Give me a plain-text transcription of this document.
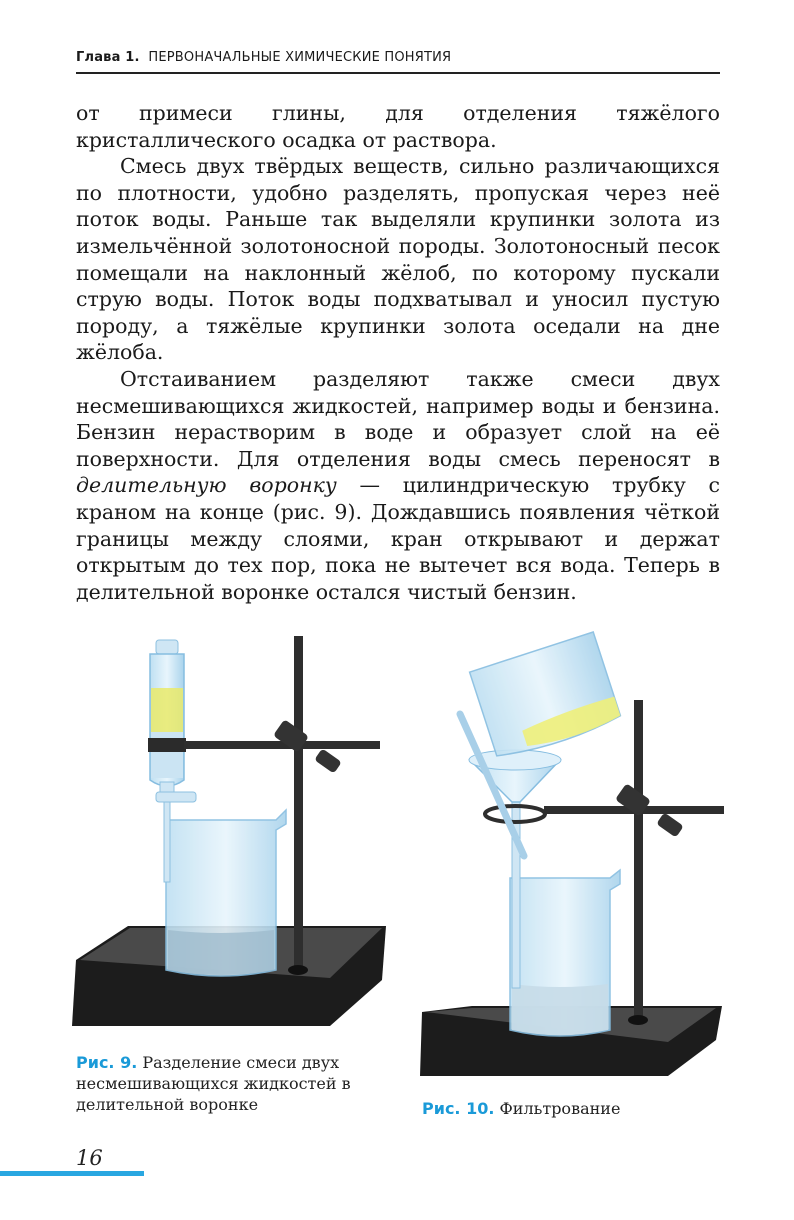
Глава 1. ПЕРВОНАЧАЛЬНЫЕ ХИМИЧЕСКИЕ ПОНЯТИЯ

от примеси глины, для отделения тяжёлого кристаллического осадка от раствора.

Смесь двух твёрдых веществ, сильно различающихся по плотности, удобно разделять, пропуская через неё поток воды. Раньше так выделяли крупинки золота из измельчённой золотоносной породы. Золотоносный песок помещали на наклонный жёлоб, по которому пускали струю воды. Поток воды подхватывал и уносил пустую породу, а тяжёлые крупинки золота оседали на дне жёлоба.

Отстаиванием разделяют также смеси двух несмешивающихся жидкостей, например воды и бензина. Бензин нерастворим в воде и образует слой на её поверхности. Для отделения воды смесь переносят в делительную воронку — цилиндрическую трубку с краном на конце (рис. 9). Дождавшись появления чёткой границы между слоями, кран открывают и держат открытым до тех пор, пока не вытечет вся вода. Теперь в делительной воронке остался чистый бензин.

Рис. 9. Разделение смеси двух несмешивающихся жидкостей в делительной воронке	Рис. 10. Фильтрование
16
